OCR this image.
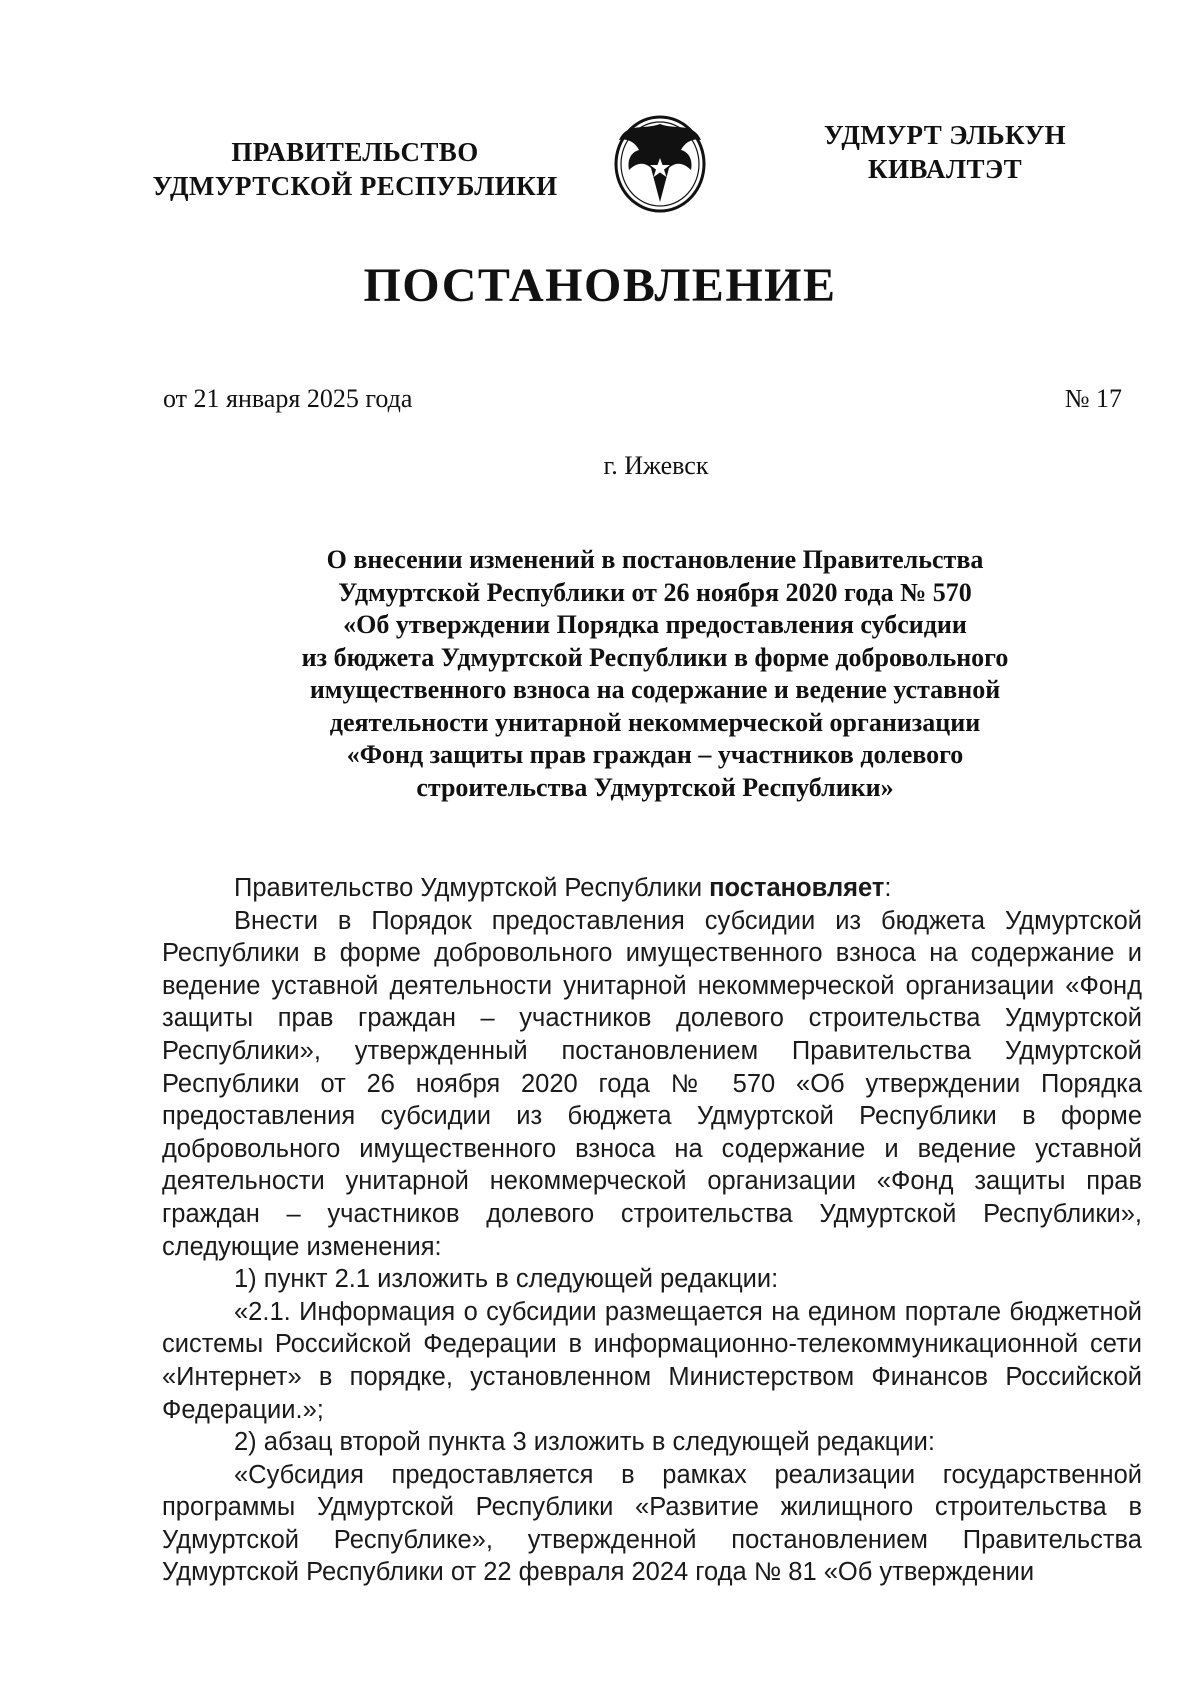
ПРАВИТЕЛЬСТВО
УДМУРТСКОЙ РЕСПУБЛИКИ
УДМУРТ ЭЛЬКУН
КИВАЛТЭТ
ПОСТАНОВЛЕНИЕ
от 21 января 2025 года	№ 17
г. Ижевск
О внесении изменений в постановление Правительства
Удмуртской Республики от 26 ноября 2020 года № 570
«Об утверждении Порядка предоставления субсидии
из бюджета Удмуртской Республики в форме добровольного
имущественного взноса на содержание и ведение уставной
деятельности унитарной некоммерческой организации
«Фонд защиты прав граждан – участников долевого
строительства Удмуртской Республики»

Правительство Удмуртской Республики постановляет:

Внести в Порядок предоставления субсидии из бюджета Удмуртской Республики в форме добровольного имущественного взноса на содержание и ведение уставной деятельности унитарной некоммерческой организации «Фонд защиты прав граждан – участников долевого строительства Удмуртской Республики», утвержденный постановлением Правительства Удмуртской Республики от 26 ноября 2020 года № 570 «Об утверждении Порядка предоставления субсидии из бюджета Удмуртской Республики в форме добровольного имущественного взноса на содержание и ведение уставной деятельности унитарной некоммерческой организации «Фонд защиты прав граждан – участников долевого строительства Удмуртской Республики», следующие изменения:

1) пункт 2.1 изложить в следующей редакции:

«2.1. Информация о субсидии размещается на едином портале бюджетной системы Российской Федерации в информационно-телекоммуникационной сети «Интернет» в порядке, установленном Министерством Финансов Российской Федерации.»;

2) абзац второй пункта 3 изложить в следующей редакции:

«Субсидия предоставляется в рамках реализации государственной программы Удмуртской Республики «Развитие жилищного строительства в Удмуртской Республике», утвержденной постановлением Правительства Удмуртской Республики от 22 февраля 2024 года № 81 «Об утверждении
